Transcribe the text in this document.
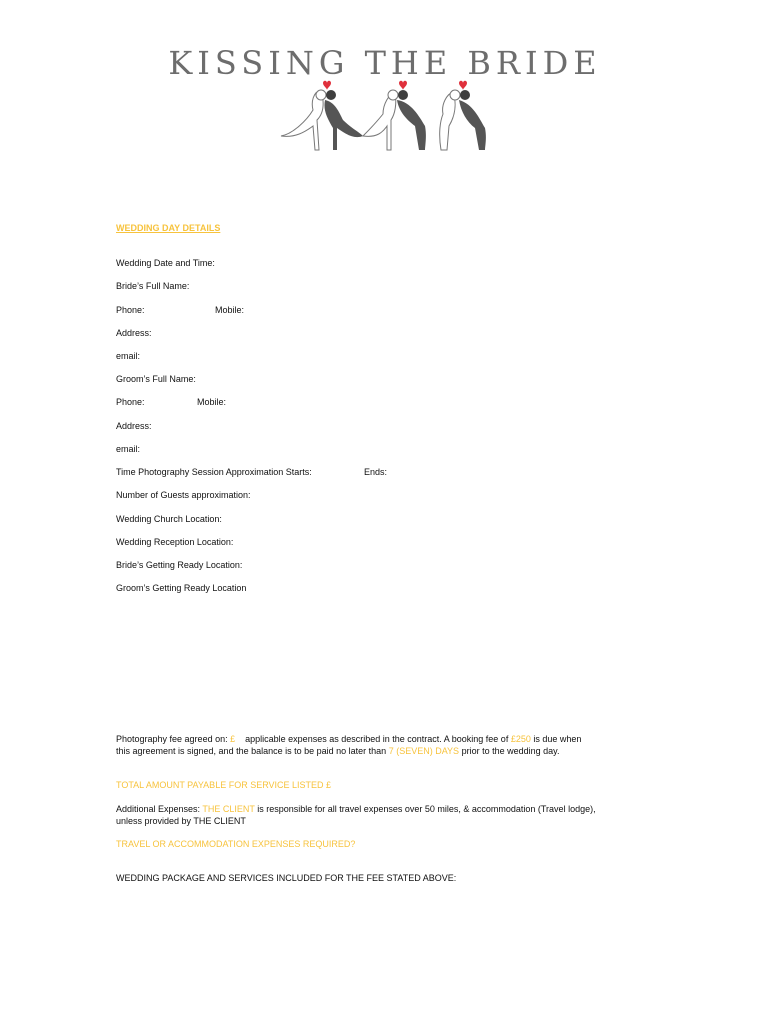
KISSING THE BRIDE
WEDDING DAY DETAILS
Wedding Date and Time:
Bride’s Full Name:
Phone:	Mobile:
Address:
email:
Groom’s Full Name:
Phone:	Mobile:
Address:
email:
Time Photography Session Approximation Starts:	Ends:
Number of Guests approximation:
Wedding Church Location:
Wedding Reception Location:
Bride’s Getting Ready Location:
Groom’s Getting Ready Location
Photography fee agreed on: £ applicable expenses as described in the contract. A booking fee of £250 is due when
this agreement is signed, and the balance is to be paid no later than 7 (SEVEN) DAYS prior to the wedding day.
TOTAL AMOUNT PAYABLE FOR SERVICE LISTED £
Additional Expenses: THE CLIENT is responsible for all travel expenses over 50 miles, & accommodation (Travel lodge),
unless provided by THE CLIENT
TRAVEL OR ACCOMMODATION EXPENSES REQUIRED?
WEDDING PACKAGE AND SERVICES INCLUDED FOR THE FEE STATED ABOVE:
